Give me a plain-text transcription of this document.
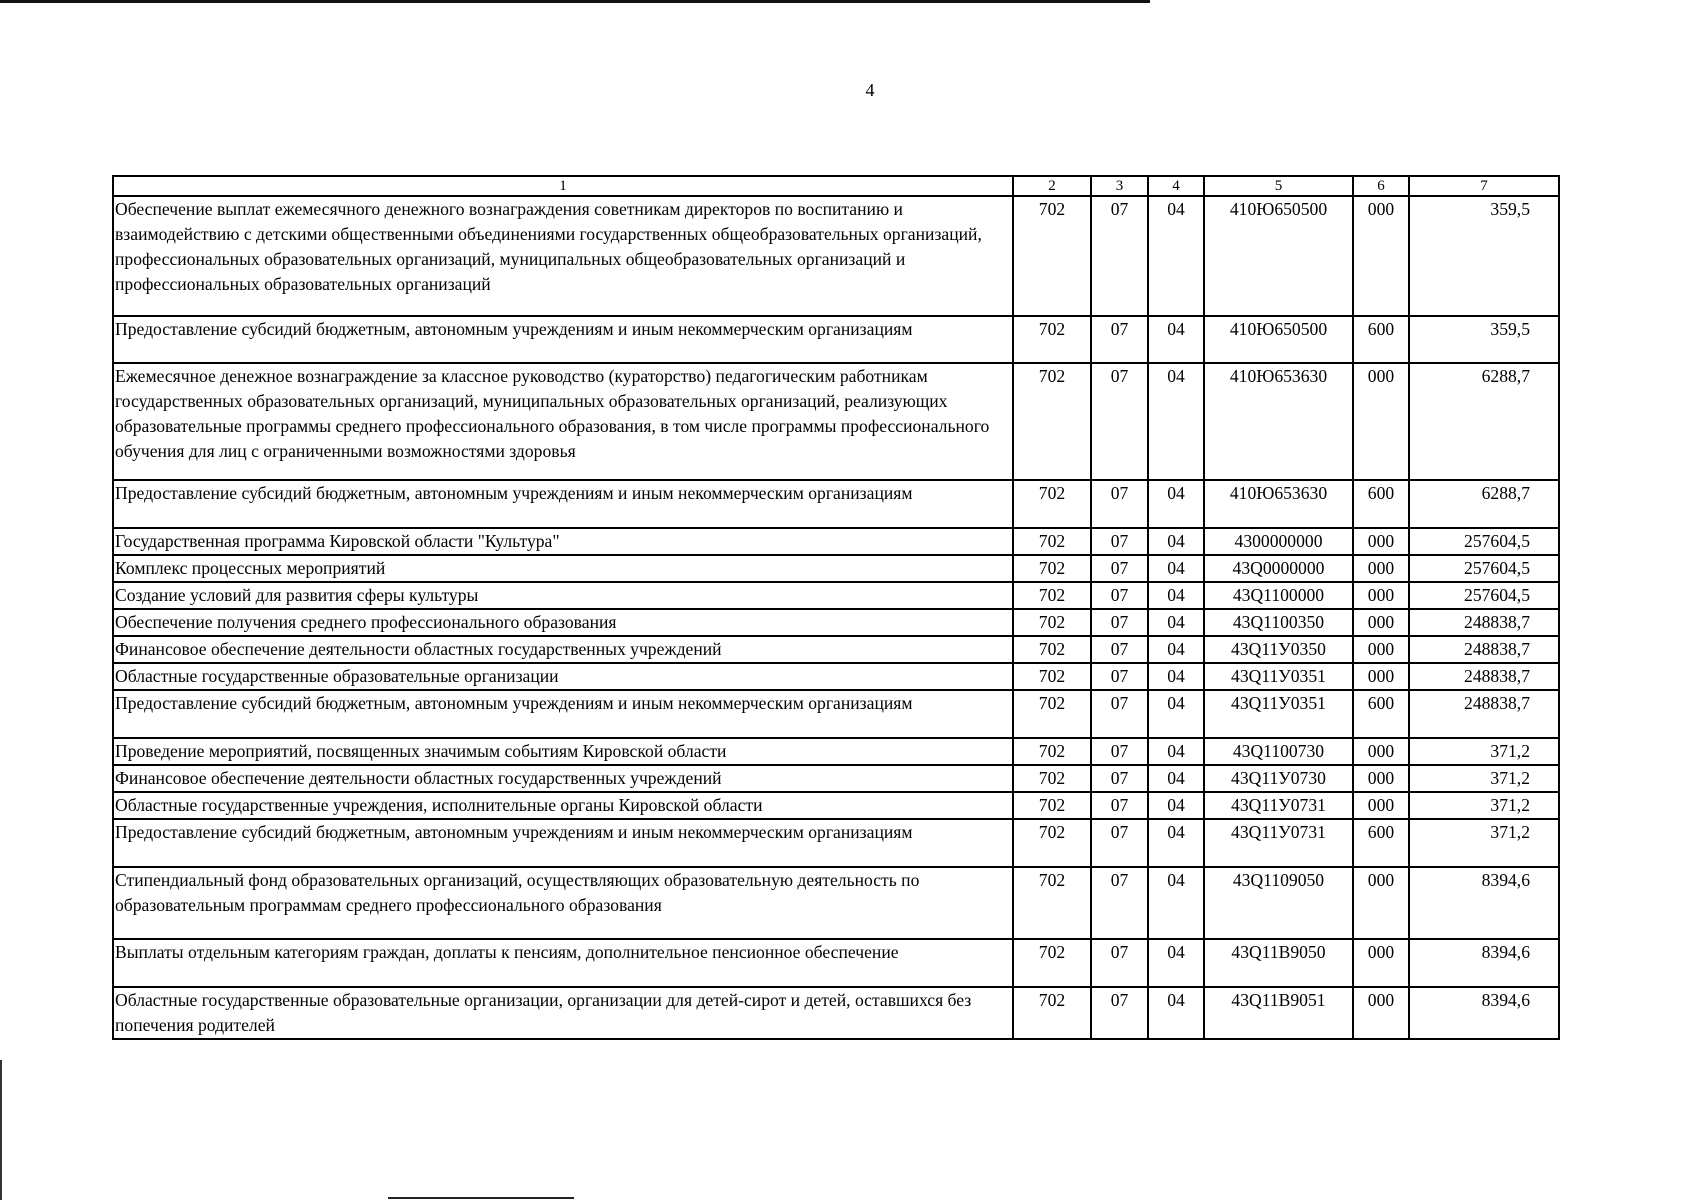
4
1	2	3	4	5	6	7
Обеспечение выплат ежемесячного денежного вознаграждения советникам директоров по воспитанию и взаимодействию с детскими общественными объединениями государственных общеобразовательных организаций, профессиональных образовательных организаций, муниципальных общеобразовательных организаций и профессиональных образовательных организаций	702	07	04	410Ю650500	000	359,5
Предоставление субсидий бюджетным, автономным учреждениям и иным некоммерческим организациям	702	07	04	410Ю650500	600	359,5
Ежемесячное денежное вознаграждение за классное руководство (кураторство) педагогическим работникам государственных образовательных организаций, муниципальных образовательных организаций, реализующих образовательные программы среднего профессионального образования, в том числе программы профессионального обучения для лиц с ограниченными возможностями здоровья	702	07	04	410Ю653630	000	6288,7
Предоставление субсидий бюджетным, автономным учреждениям и иным некоммерческим организациям	702	07	04	410Ю653630	600	6288,7
Государственная программа Кировской области "Культура"	702	07	04	4300000000	000	257604,5
Комплекс процессных мероприятий	702	07	04	43Q0000000	000	257604,5
Создание условий для развития сферы культуры	702	07	04	43Q1100000	000	257604,5
Обеспечение получения среднего профессионального образования	702	07	04	43Q1100350	000	248838,7
Финансовое обеспечение деятельности областных государственных учреждений	702	07	04	43Q11У0350	000	248838,7
Областные государственные образовательные организации	702	07	04	43Q11У0351	000	248838,7
Предоставление субсидий бюджетным, автономным учреждениям и иным некоммерческим организациям	702	07	04	43Q11У0351	600	248838,7
Проведение мероприятий, посвященных значимым событиям Кировской области	702	07	04	43Q1100730	000	371,2
Финансовое обеспечение деятельности областных государственных учреждений	702	07	04	43Q11У0730	000	371,2
Областные государственные учреждения, исполнительные органы Кировской области	702	07	04	43Q11У0731	000	371,2
Предоставление субсидий бюджетным, автономным учреждениям и иным некоммерческим организациям	702	07	04	43Q11У0731	600	371,2
Стипендиальный фонд образовательных организаций, осуществляющих образовательную деятельность по образовательным программам среднего профессионального образования	702	07	04	43Q1109050	000	8394,6
Выплаты отдельным категориям граждан, доплаты к пенсиям, дополнительное пенсионное обеспечение	702	07	04	43Q11B9050	000	8394,6
Областные государственные образовательные организации, организации для детей-сирот и детей, оставшихся без попечения родителей	702	07	04	43Q11B9051	000	8394,6
